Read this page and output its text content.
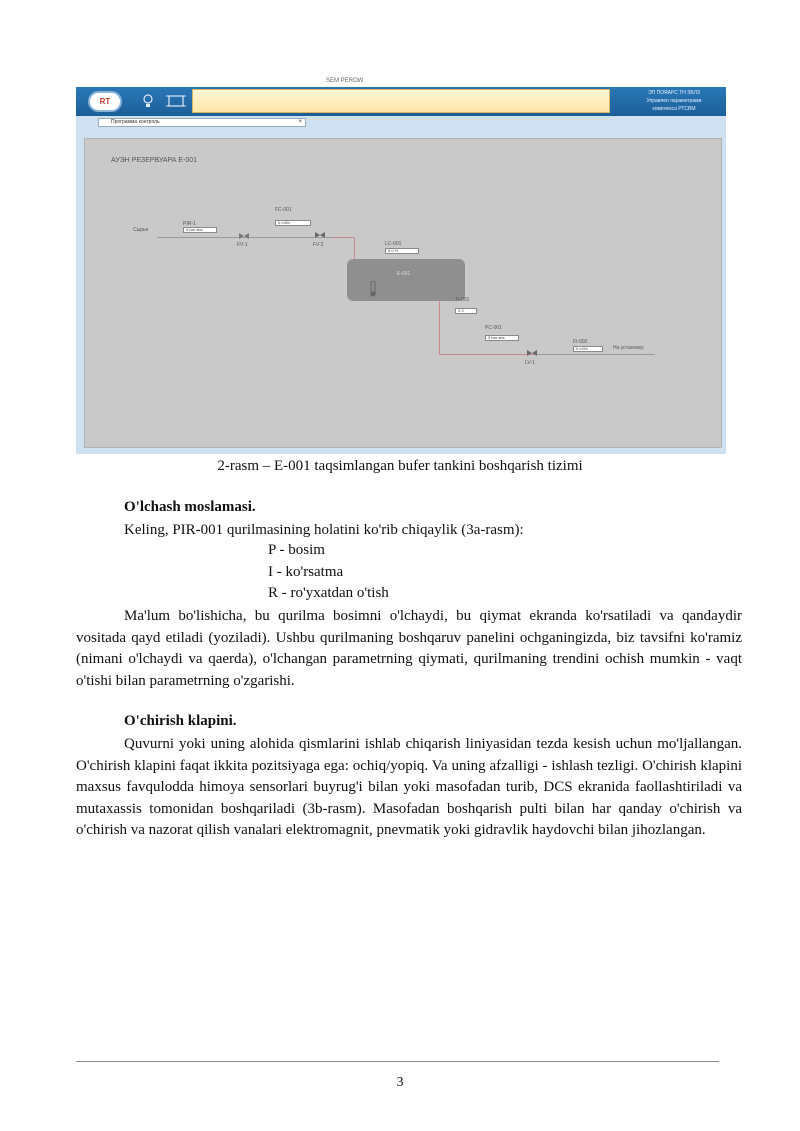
SEM PEROW
RT
ЭП ПОЯАРС ТН ЗБЛЗ
Управлен параметрами
комплекса РТСВМ
Программа контроль	×
АУЭН РЕЗЕРВУАРА Е-001
Сырье
PIR-1
0 bar abs
FV-1
FC-001
0 m3/ч
FV-2	LC-001
0.0 %
Е-001
TI-001
0 C
PC-001
0 bar abs
LV-1
FI-002
0 m3/ч	На установку
2-rasm – E-001 taqsimlangan bufer tankini boshqarish tizimi
O'lchash moslamasi.
Keling, PIR-001 qurilmasining holatini ko'rib chiqaylik (3a-rasm):
P - bosim
I - ko'rsatma
R - ro'yxatdan o'tish
Ma'lum bo'lishicha, bu qurilma bosimni o'lchaydi, bu qiymat ekranda ko'rsatiladi va qandaydir vositada qayd etiladi (yoziladi). Ushbu qurilmaning boshqaruv panelini ochganingizda, biz tavsifni ko'ramiz (nimani o'lchaydi va qaerda), o'lchangan parametrning qiymati, qurilmaning trendini ochish mumkin - vaqt o'tishi bilan parametrning o'zgarishi.
O'chirish klapini.
Quvurni yoki uning alohida qismlarini ishlab chiqarish liniyasidan tezda kesish uchun mo'ljallangan. O'chirish klapini faqat ikkita pozitsiyaga ega: ochiq/yopiq. Va uning afzalligi - ishlash tezligi. O'chirish klapini maxsus favqulodda himoya sensorlari buyrug'i bilan yoki masofadan turib, DCS ekranida faollashtiriladi va mutaxassis tomonidan boshqariladi (3b-rasm). Masofadan boshqarish pulti bilan har qanday o'chirish va o'chirish va nazorat qilish vanalari elektromagnit, pnevmatik yoki gidravlik haydovchi bilan jihozlangan.
3
